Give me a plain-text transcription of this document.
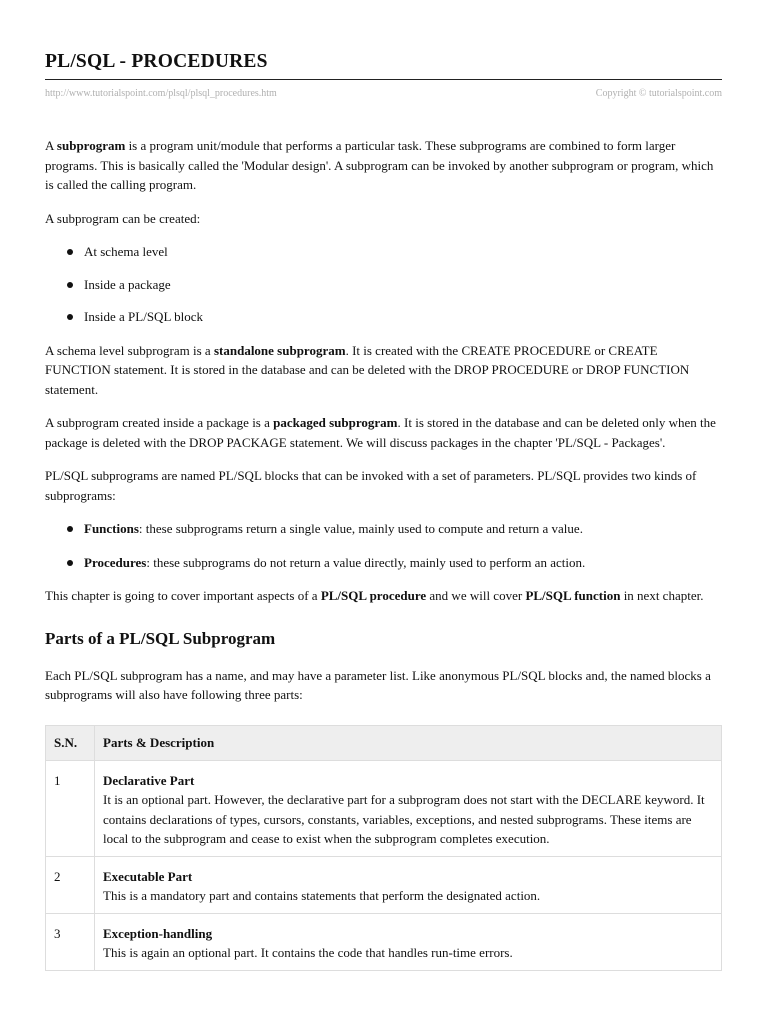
PL/SQL - PROCEDURES
http://www.tutorialspoint.com/plsql/plsql_procedures.htm	Copyright © tutorialspoint.com

A subprogram is a program unit/module that performs a particular task. These subprograms are combined to form larger programs. This is basically called the 'Modular design'. A subprogram can be invoked by another subprogram or program, which is called the calling program.

A subprogram can be created:

At schema level
Inside a package
Inside a PL/SQL block

A schema level subprogram is a standalone subprogram. It is created with the CREATE PROCEDURE or CREATE FUNCTION statement. It is stored in the database and can be deleted with the DROP PROCEDURE or DROP FUNCTION statement.

A subprogram created inside a package is a packaged subprogram. It is stored in the database and can be deleted only when the package is deleted with the DROP PACKAGE statement. We will discuss packages in the chapter 'PL/SQL - Packages'.

PL/SQL subprograms are named PL/SQL blocks that can be invoked with a set of parameters. PL/SQL provides two kinds of subprograms:

Functions: these subprograms return a single value, mainly used to compute and return a value.
Procedures: these subprograms do not return a value directly, mainly used to perform an action.

This chapter is going to cover important aspects of a PL/SQL procedure and we will cover PL/SQL function in next chapter.

Parts of a PL/SQL Subprogram

Each PL/SQL subprogram has a name, and may have a parameter list. Like anonymous PL/SQL blocks and, the named blocks a subprograms will also have following three parts:

S.N.	Parts & Description
1	Declarative Part
It is an optional part. However, the declarative part for a subprogram does not start with the DECLARE keyword. It contains declarations of types, cursors, constants, variables, exceptions, and nested subprograms. These items are local to the subprogram and cease to exist when the subprogram completes execution.

2	Executable Part
This is a mandatory part and contains statements that perform the designated action.

3	Exception-handling
This is again an optional part. It contains the code that handles run-time errors.
